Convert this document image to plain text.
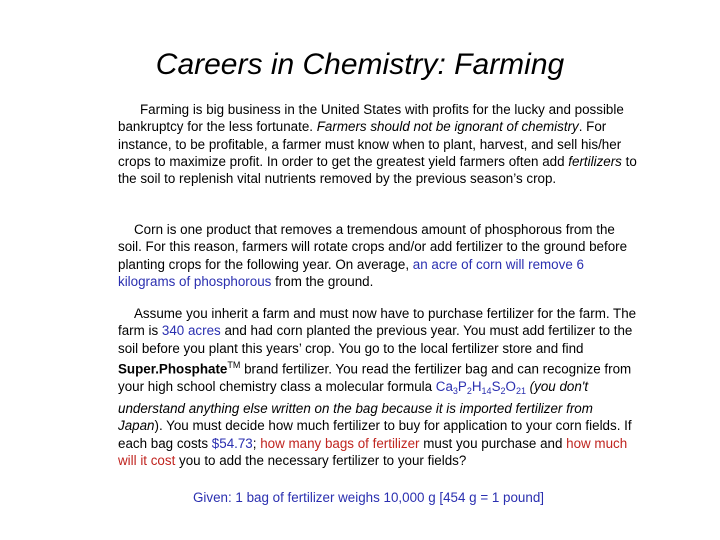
Careers in Chemistry: Farming

Farming is big business in the United States with profits for the lucky and possible bankruptcy for the less fortunate. Farmers should not be ignorant of chemistry. For instance, to be profitable, a farmer must know when to plant, harvest, and sell his/her crops to maximize profit. In order to get the greatest yield farmers often add fertilizers to the soil to replenish vital nutrients removed by the previous season’s crop.

Corn is one product that removes a tremendous amount of phosphorous from the soil. For this reason, farmers will rotate crops and/or add fertilizer to the ground before planting crops for the following year. On average, an acre of corn will remove 6 kilograms of phosphorous from the ground.

Assume you inherit a farm and must now have to purchase fertilizer for the farm. The farm is 340 acres and had corn planted the previous year. You must add fertilizer to the soil before you plant this years’ crop. You go to the local fertilizer store and find Super.Phosphate™ brand fertilizer. You read the fertilizer bag and can recognize from your high school chemistry class a molecular formula $Ca_3P_2H_{14}S_2O_{21}$ (you don't understand anything else written on the bag because it is imported fertilizer from Japan). You must decide how much fertilizer to buy for application to your corn fields. If each bag costs $54.73; how many bags of fertilizer must you purchase and how much will it cost you to add the necessary fertilizer to your fields?

Given: 1 bag of fertilizer weighs 10,000 g [454 g = 1 pound]
